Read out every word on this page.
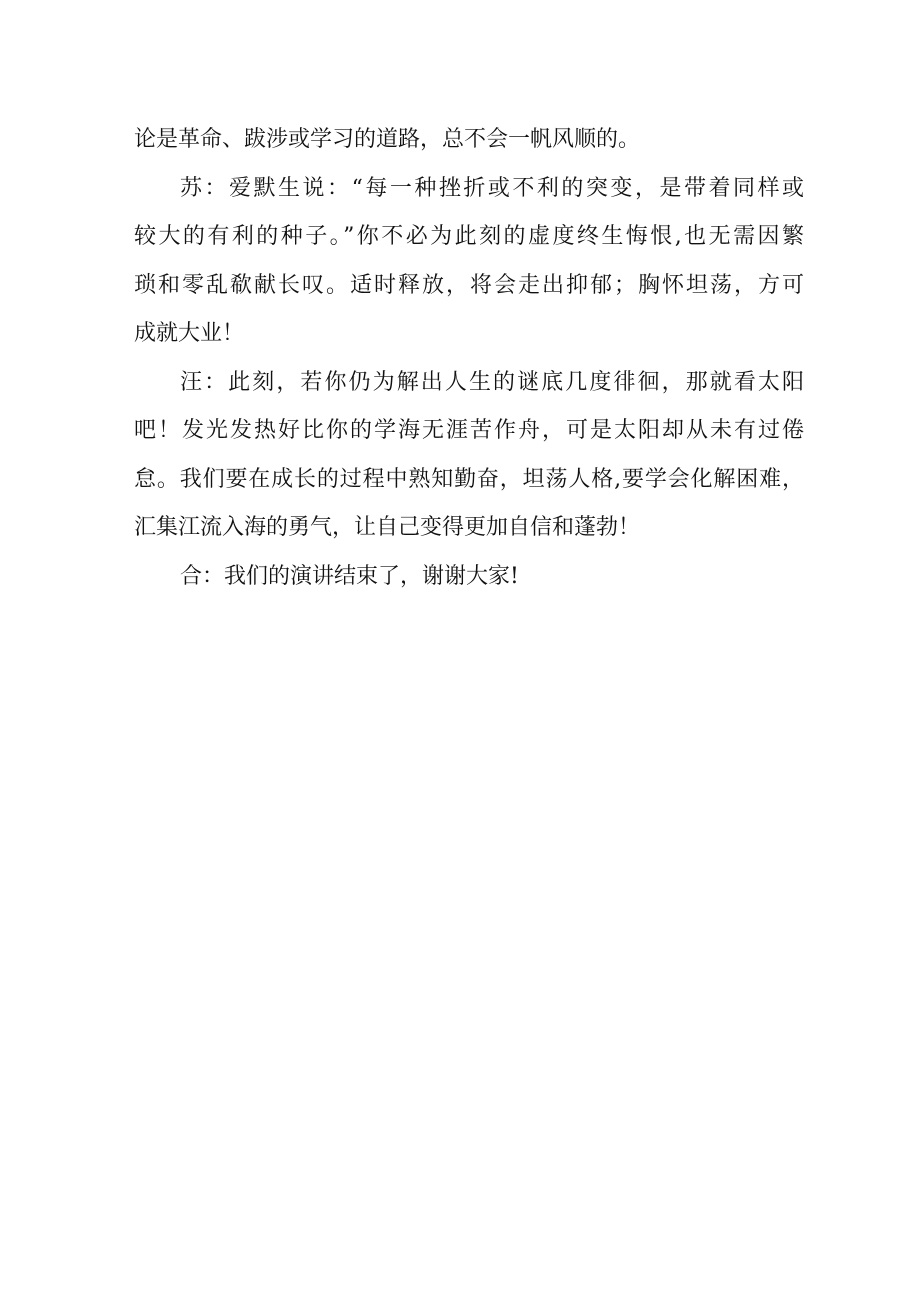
论是革命、跋涉或学习的道路，总不会一帆风顺的。

苏：爱默生说：“每一种挫折或不利的突变，是带着同样或
较大的有利的种子。”你不必为此刻的虚度终生悔恨,也无需因繁
琐和零乱欷献长叹。适时释放，将会走出抑郁；胸怀坦荡，方可
成就大业！

汪：此刻，若你仍为解出人生的谜底几度徘徊，那就看太阳
吧！发光发热好比你的学海无涯苦作舟，可是太阳却从未有过倦
怠。我们要在成长的过程中熟知勤奋，坦荡人格,要学会化解困难，
汇集江流入海的勇气，让自己变得更加自信和蓬勃！

合：我们的演讲结束了，谢谢大家!
